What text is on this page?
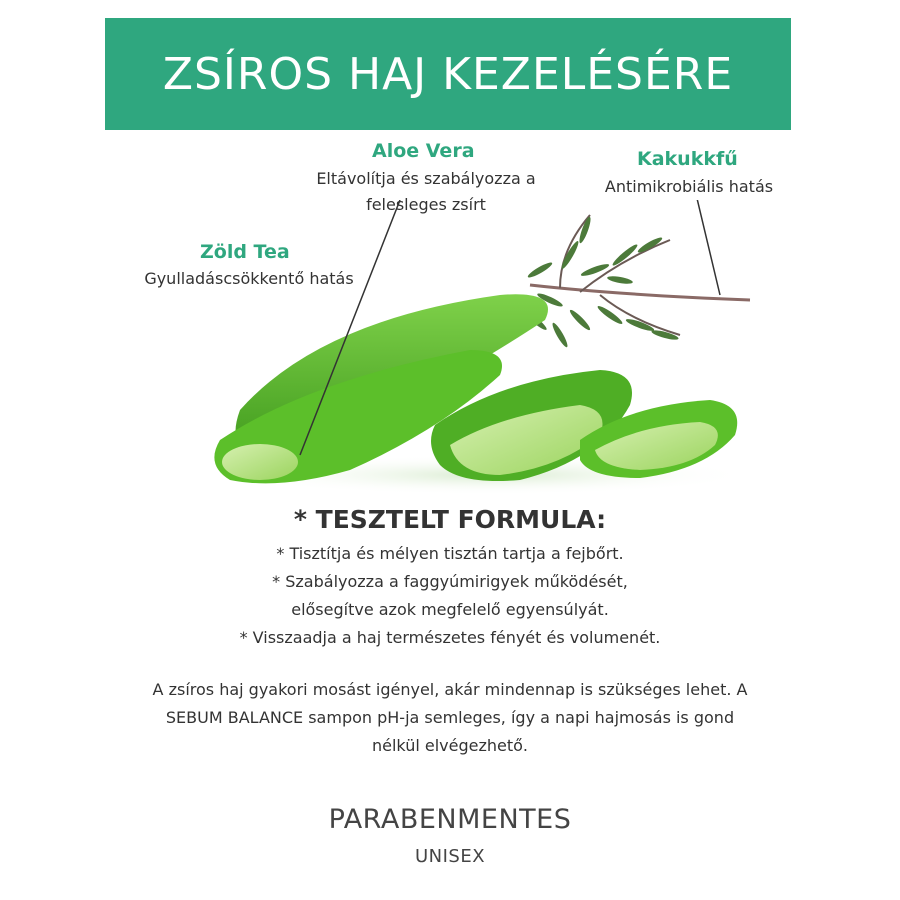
ZSÍROS HAJ KEZELÉSÉRE
Aloe Vera
Eltávolítja és szabályozza a
felesleges zsírt
Kakukkfű
Antimikrobiális hatás
Zöld Tea
Gyulladáscsökkentő hatás
* TESZTELT FORMULA:
* Tisztítja és mélyen tisztán tartja a fejbőrt.
* Szabályozza a faggyúmirigyek működését,
elősegítve azok megfelelő egyensúlyát.
* Visszaadja a haj természetes fényét és volumenét.
A zsíros haj gyakori mosást igényel, akár mindennap is szükséges lehet. A
SEBUM BALANCE sampon pH-ja semleges, így a napi hajmosás is gond
nélkül elvégezhető.
PARABENMENTES
UNISEX
